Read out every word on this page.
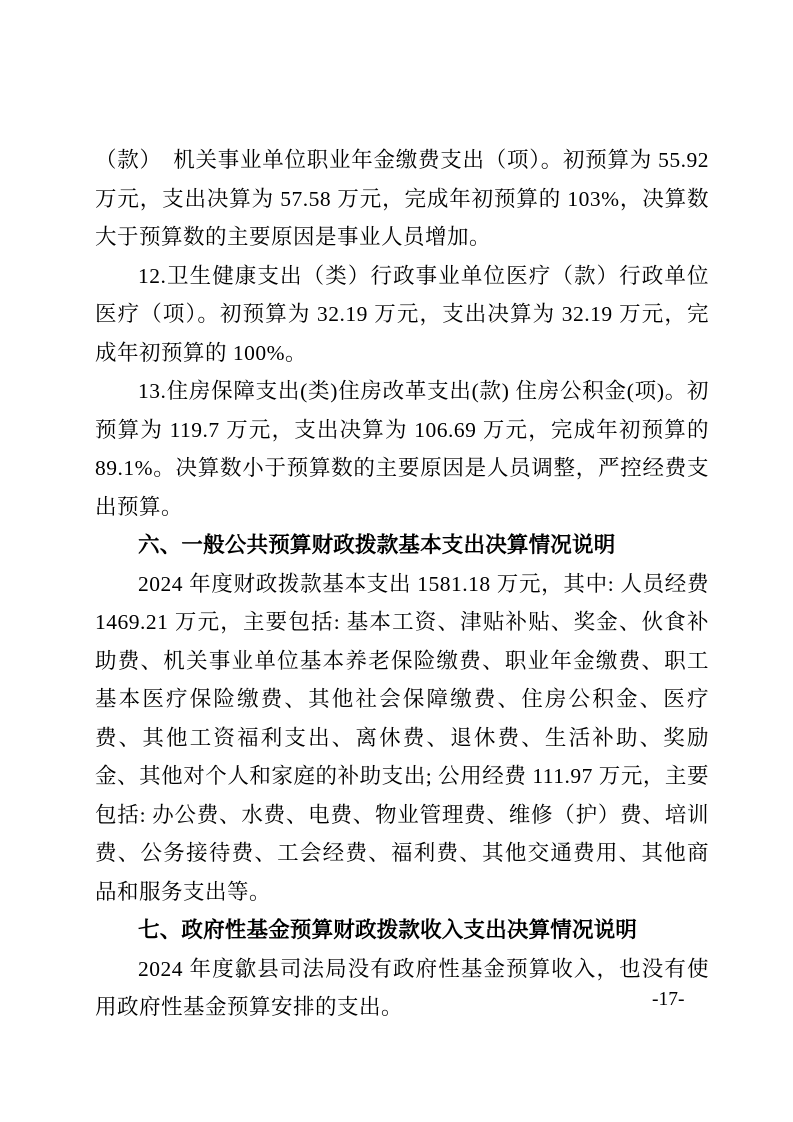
（款）　机关事业单位职业年金缴费支出（项）。初预算为 55.92 万元，支出决算为 57.58 万元，完成年初预算的 103%，决算数大于预算数的主要原因是事业人员增加。

12.卫生健康支出（类）行政事业单位医疗（款）行政单位医疗（项）。初预算为 32.19 万元，支出决算为 32.19 万元，完成年初预算的 100%。

13.住房保障支出(类)住房改革支出(款) 住房公积金(项)。初预算为 119.7 万元，支出决算为 106.69 万元，完成年初预算的 89.1%。决算数小于预算数的主要原因是人员调整，严控经费支出预算。

六、一般公共预算财政拨款基本支出决算情况说明

2024 年度财政拨款基本支出 1581.18 万元，其中: 人员经费 1469.21 万元，主要包括: 基本工资、津贴补贴、奖金、伙食补助费、机关事业单位基本养老保险缴费、职业年金缴费、职工基本医疗保险缴费、其他社会保障缴费、住房公积金、医疗费、其他工资福利支出、离休费、退休费、生活补助、奖励金、其他对个人和家庭的补助支出; 公用经费 111.97 万元，主要包括: 办公费、水费、电费、物业管理费、维修（护）费、培训费、公务接待费、工会经费、福利费、其他交通费用、其他商品和服务支出等。

七、政府性基金预算财政拨款收入支出决算情况说明

2024 年度歙县司法局没有政府性基金预算收入，也没有使用政府性基金预算安排的支出。	-17-
